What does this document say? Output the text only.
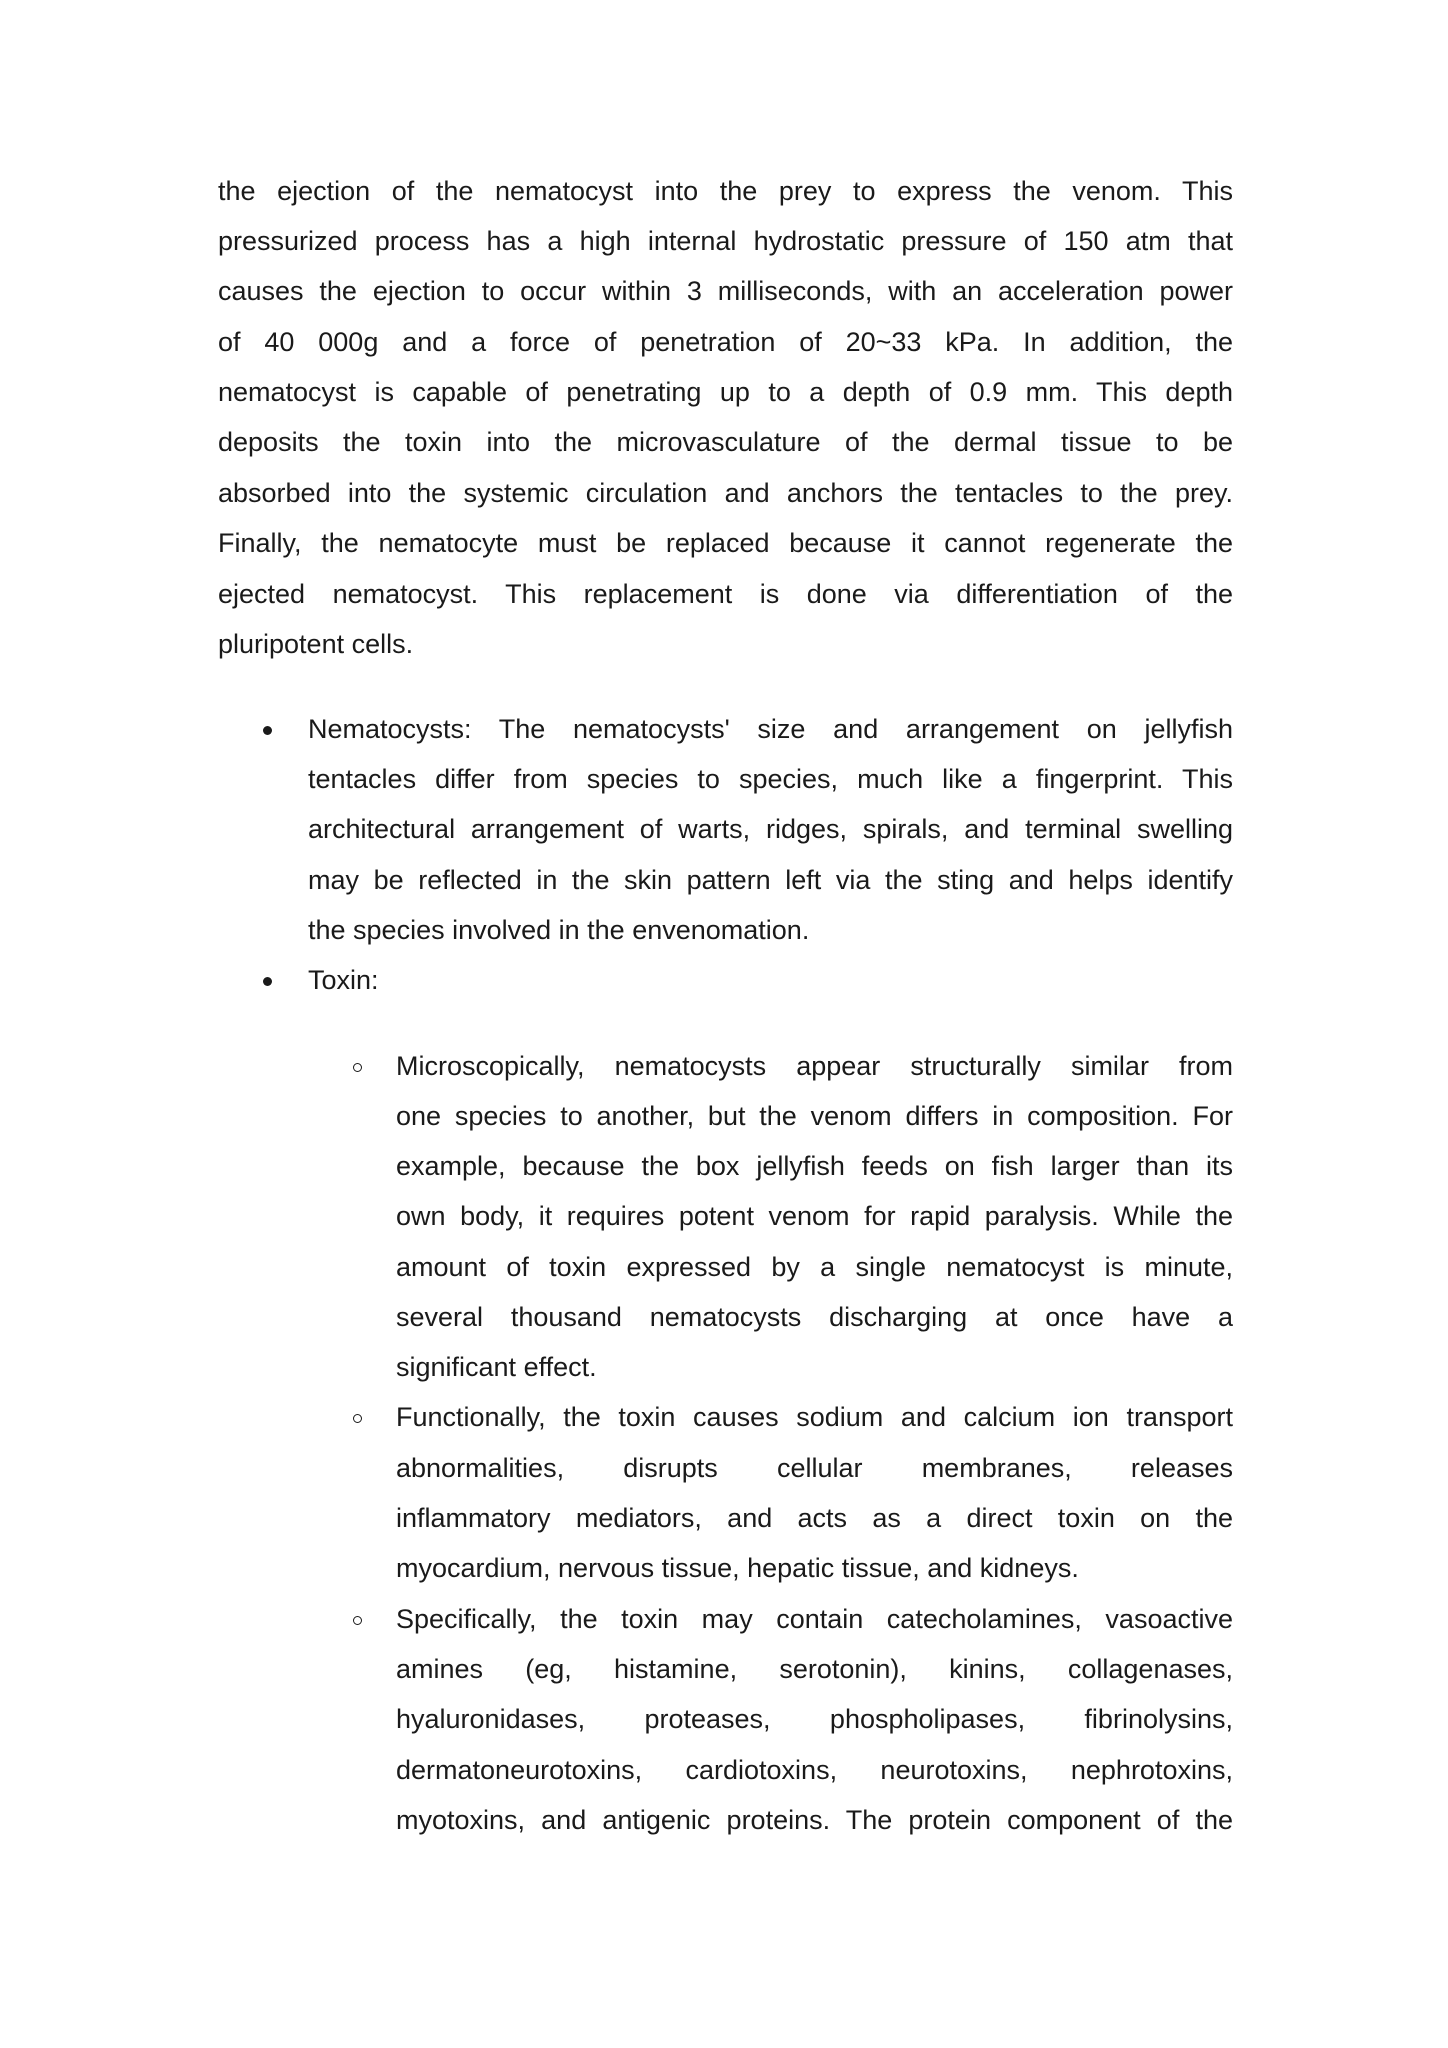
the ejection of the nematocyst into the prey to express the venom. This
pressurized process has a high internal hydrostatic pressure of 150 atm that
causes the ejection to occur within 3 milliseconds, with an acceleration power
of 40 000g and a force of penetration of 20~33 kPa. In addition, the
nematocyst is capable of penetrating up to a depth of 0.9 mm. This depth
deposits the toxin into the microvasculature of the dermal tissue to be
absorbed into the systemic circulation and anchors the tentacles to the prey.
Finally, the nematocyte must be replaced because it cannot regenerate the
ejected nematocyst. This replacement is done via differentiation of the
pluripotent cells.
Nematocysts: The nematocysts' size and arrangement on jellyfish
tentacles differ from species to species, much like a fingerprint. This
architectural arrangement of warts, ridges, spirals, and terminal swelling
may be reflected in the skin pattern left via the sting and helps identify
the species involved in the envenomation.
Toxin:
Microscopically, nematocysts appear structurally similar from
one species to another, but the venom differs in composition. For
example, because the box jellyfish feeds on fish larger than its
own body, it requires potent venom for rapid paralysis. While the
amount of toxin expressed by a single nematocyst is minute,
several thousand nematocysts discharging at once have a
significant effect.
Functionally, the toxin causes sodium and calcium ion transport
abnormalities, disrupts cellular membranes, releases
inflammatory mediators, and acts as a direct toxin on the
myocardium, nervous tissue, hepatic tissue, and kidneys.
Specifically, the toxin may contain catecholamines, vasoactive
amines (eg, histamine, serotonin), kinins, collagenases,
hyaluronidases, proteases, phospholipases, fibrinolysins,
dermatoneurotoxins, cardiotoxins, neurotoxins, nephrotoxins,
myotoxins, and antigenic proteins. The protein component of the
